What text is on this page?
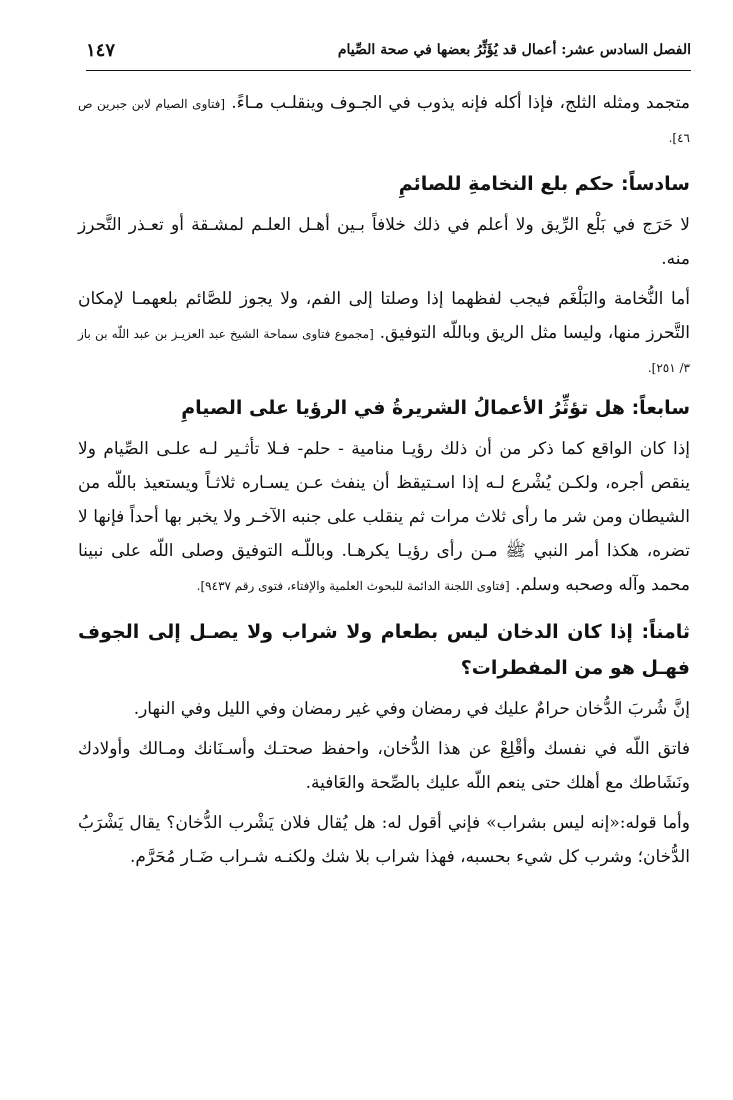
١٤٧	الفصل السادس عشر: أعمال قد يُؤَثِّرُ بعضها في صحة الصِّيام

متجمد ومثله الثلج، فإذا أكله فإنه يذوب في الجـوف وينقلـب مـاءً. [فتاوى الصيام لابن جبرين ص ٤٦].

سادساً: حكم بلع النخامةِ للصائمِ

لا حَرَج في بَلْع الرِّيق ولا أعلم في ذلك خلافاً بـين أهـل العلـم لمشـقة أو تعـذر التَّحرز منه.

أما النُّخامة والبَلْغَم فيجب لفظهما إذا وصلتا إلى الفم، ولا يجوز للصَّائم بلعهمـا لإمكان التَّحرز منها، وليسا مثل الريق وباللّه التوفيق. [مجموع فتاوى سماحة الشيخ عبد العزيـز بن عبد اللّه بن باز ٣/ ٢٥١].

سابعاً: هل تؤثِّرُ الأعمالُ الشريرةُ في الرؤيا على الصيامِ

إذا كان الواقع كما ذكر من أن ذلك رؤيـا منامية - حلم- فـلا تأثـير لـه علـى الصِّيام ولا ينقص أجره، ولكـن يُشْرع لـه إذا اسـتيقظ أن ينفث عـن يسـاره ثلاثـاً ويستعيذ باللّه من الشيطان ومن شر ما رأى ثلاث مرات ثم ينقلب على جنبه الآخـر ولا يخبر بها أحداً فإنها لا تضره، هكذا أمر النبي ﷺ مـن رأى رؤيـا يكرهـا. وباللّـه التوفيق وصلى اللّه على نبينا محمد وآله وصحبه وسلم. [فتاوى اللجنة الدائمة للبحوث العلمية والإفتاء، فتوى رقم ٩٤٣٧].

ثامناً: إذا كان الدخان ليس بطعام ولا شراب ولا يصـل إلى الجوف فهـل هو من المفطرات؟

إنَّ شُربَ الدُّخان حرامٌ عليك في رمضان وفي غير رمضان وفي الليل وفي النهار.

فاتق اللّه في نفسك وأقْلِعْ عن هذا الدُّخان، واحفظ صحتـك وأسـنَانك ومـالك وأولادك ونَشَاطك مع أهلك حتى ينعم اللّه عليك بالصِّحة والعَافية.

وأما قوله:«إنه ليس بشراب» فإني أقول له: هل يُقال فلان يَشْرب الدُّخان؟ يقال يَشْرَبُ الدُّخان؛ وشرب كل شيء بحسبه، فهذا شراب بلا شك ولكنـه شـراب ضَـار مُحَرَّم.
